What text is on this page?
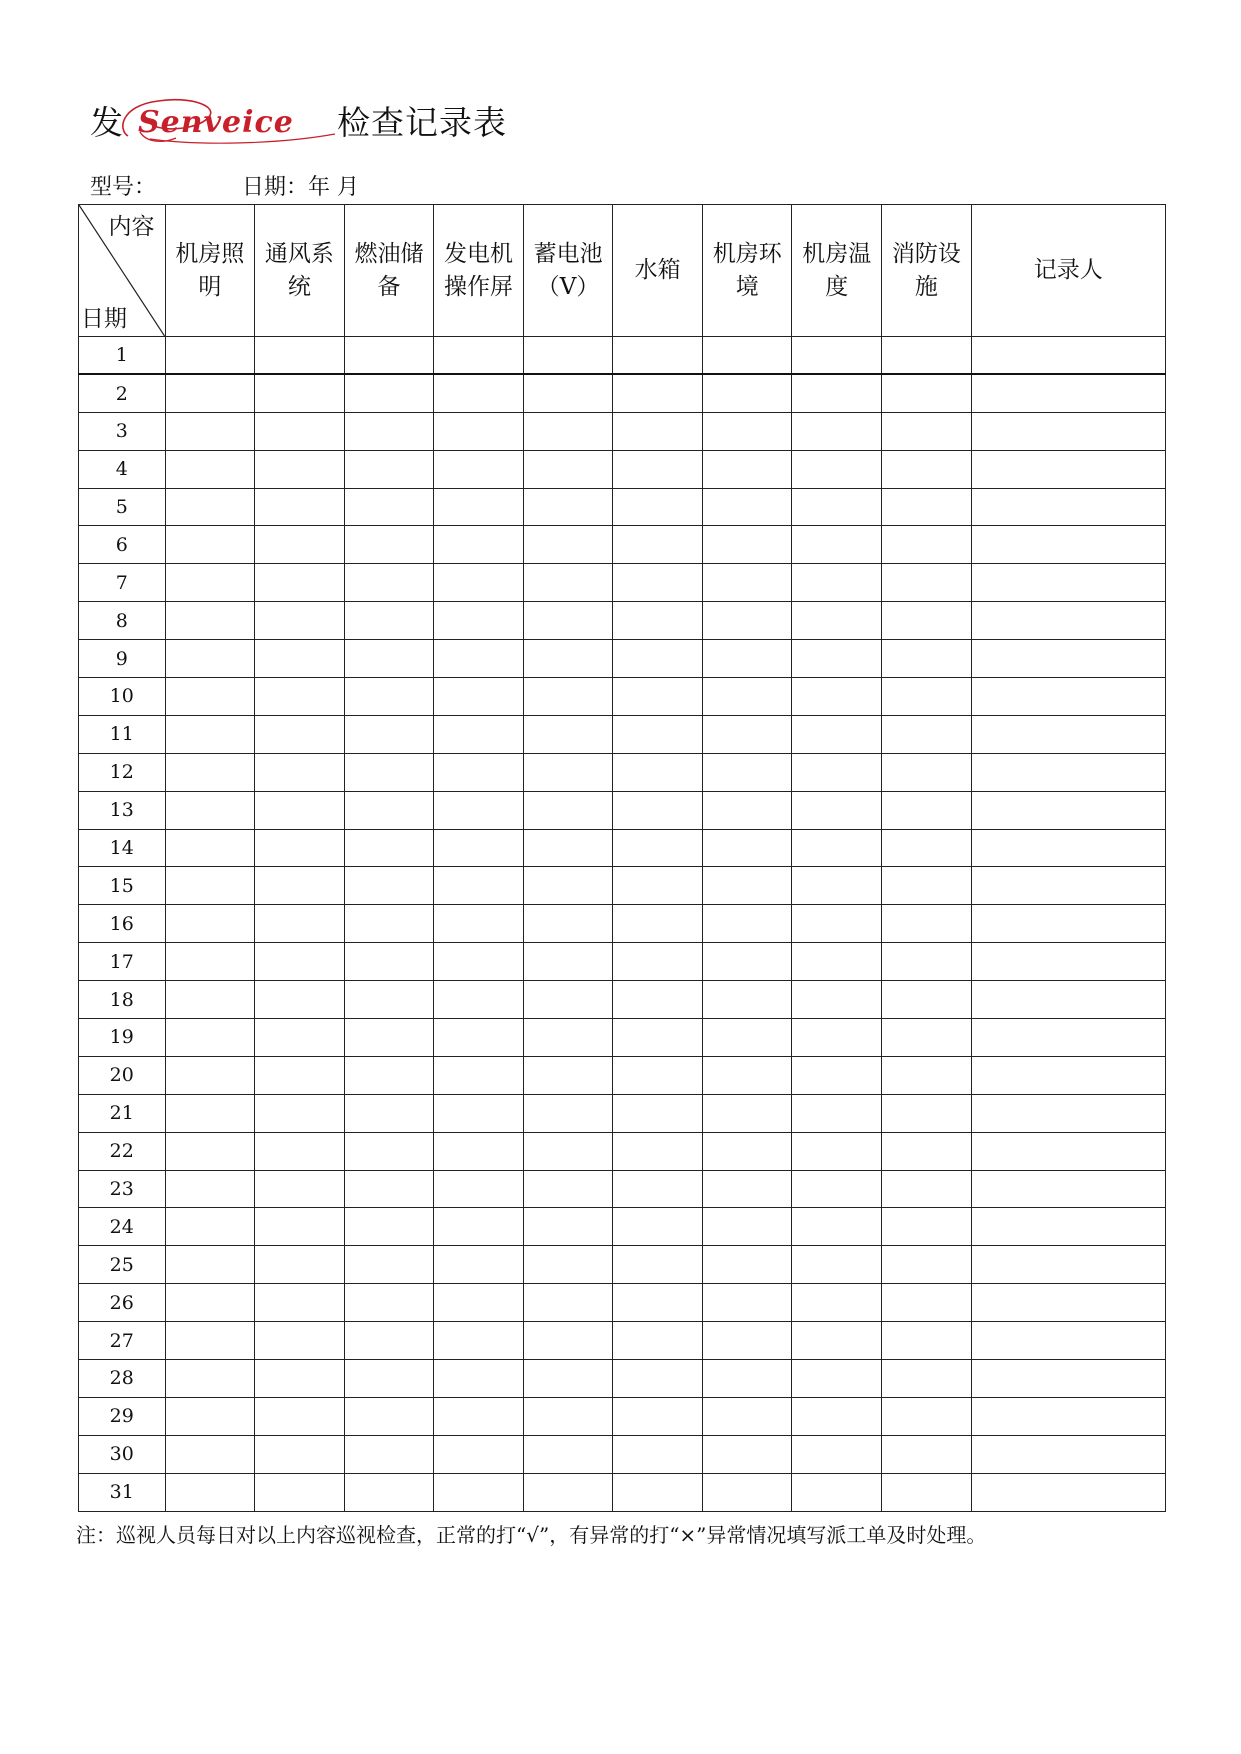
发 Senveice 检查记录表
型号：	日期：年 月
内容
日期	机房照明	通风系统	燃油储备	发电机操作屏	蓄电池（V）	水箱	机房环境	机房温度	消防设施	记录人
1										
2										
3										
4										
5										
6										
7										
8										
9										
10										
11										
12										
13										
14										
15										
16										
17										
18										
19										
20										
21										
22										
23										
24										
25										
26										
27										
28										
29										
30										
31										
注：巡视人员每日对以上内容巡视检查，正常的打“√”，有异常的打“×”异常情况填写派工单及时处理。
